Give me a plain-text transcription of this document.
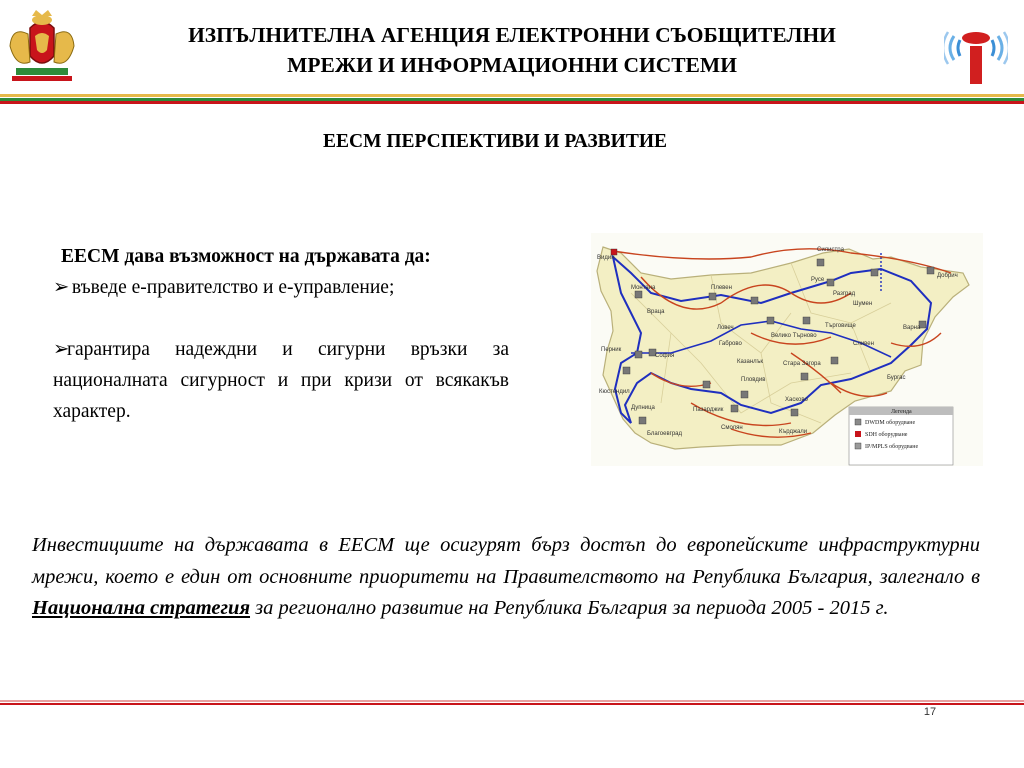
ИЗПЪЛНИТЕЛНА АГЕНЦИЯ ЕЛЕКТРОННИ СЪОБЩИТЕЛНИ
МРЕЖИ И ИНФОРМАЦИОННИ СИСТЕМИ
ЕЕСМ ПЕРСПЕКТИВИ И РАЗВИТИЕ

ЕЕСМ дава възможност на държавата да:

➢ въведе е-правителство и е-управление;

➢гарантира надеждни и сигурни връзки за националната сигурност и при кризи от всякакъв характер.

Видин
Монтана	Плевен
Враца
Ловеч
Велико Търново
Габрово
Силистра
Русе
Разград
Шумен
Добрич
Търговище	Варна
Перник
София
Кюстендил
Казанлък
Сливен
Стара Загора
Бургас
Дупница	Пазарджик
Пловдив
Хасково
Благоевград
Смолян
Кърджали
Легенда
DWDM оборудване
SDH оборудване
IP/MPLS оборудване
Инвестициите на държавата в ЕЕСМ ще осигурят бърз достъп до европейските инфраструктурни мрежи, което е един от основните приоритети на Правителството на Република България, залегнало в Национална стратегия за регионално развитие на Република България за периода 2005 - 2015 г.
17
